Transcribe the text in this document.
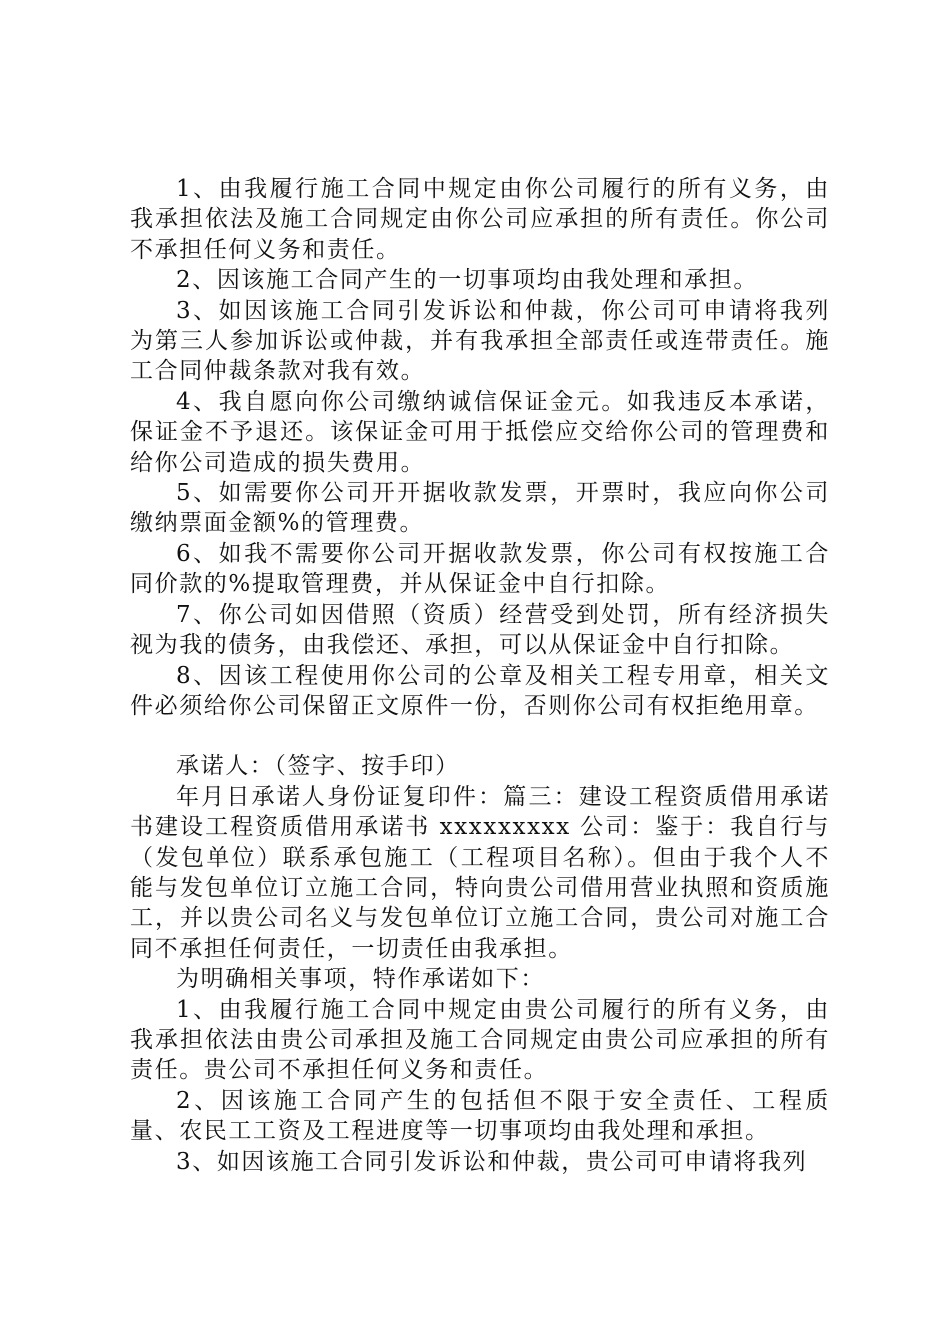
1、由我履行施工合同中规定由你公司履行的所有义务，由我承担依法及施工合同规定由你公司应承担的所有责任。你公司不承担任何义务和责任。

2、因该施工合同产生的一切事项均由我处理和承担。

3、如因该施工合同引发诉讼和仲裁，你公司可申请将我列为第三人参加诉讼或仲裁，并有我承担全部责任或连带责任。施工合同仲裁条款对我有效。

4、我自愿向你公司缴纳诚信保证金元。如我违反本承诺，保证金不予退还。该保证金可用于抵偿应交给你公司的管理费和给你公司造成的损失费用。

5、如需要你公司开开据收款发票，开票时，我应向你公司缴纳票面金额%的管理费。

6、如我不需要你公司开据收款发票，你公司有权按施工合同价款的%提取管理费，并从保证金中自行扣除。

7、你公司如因借照（资质）经营受到处罚，所有经济损失视为我的债务，由我偿还、承担，可以从保证金中自行扣除。

8、因该工程使用你公司的公章及相关工程专用章，相关文件必须给你公司保留正文原件一份，否则你公司有权拒绝用章。

承诺人：（签字、按手印）

年月日承诺人身份证复印件：篇三：建设工程资质借用承诺书建设工程资质借用承诺书 xxxxxxxxx 公司：鉴于：我自行与（发包单位）联系承包施工（工程项目名称）。但由于我个人不能与发包单位订立施工合同，特向贵公司借用营业执照和资质施工，并以贵公司名义与发包单位订立施工合同，贵公司对施工合同不承担任何责任，一切责任由我承担。

为明确相关事项，特作承诺如下：

1、由我履行施工合同中规定由贵公司履行的所有义务，由我承担依法由贵公司承担及施工合同规定由贵公司应承担的所有责任。贵公司不承担任何义务和责任。

2、因该施工合同产生的包括但不限于安全责任、工程质量、农民工工资及工程进度等一切事项均由我处理和承担。

3、如因该施工合同引发诉讼和仲裁，贵公司可申请将我列
